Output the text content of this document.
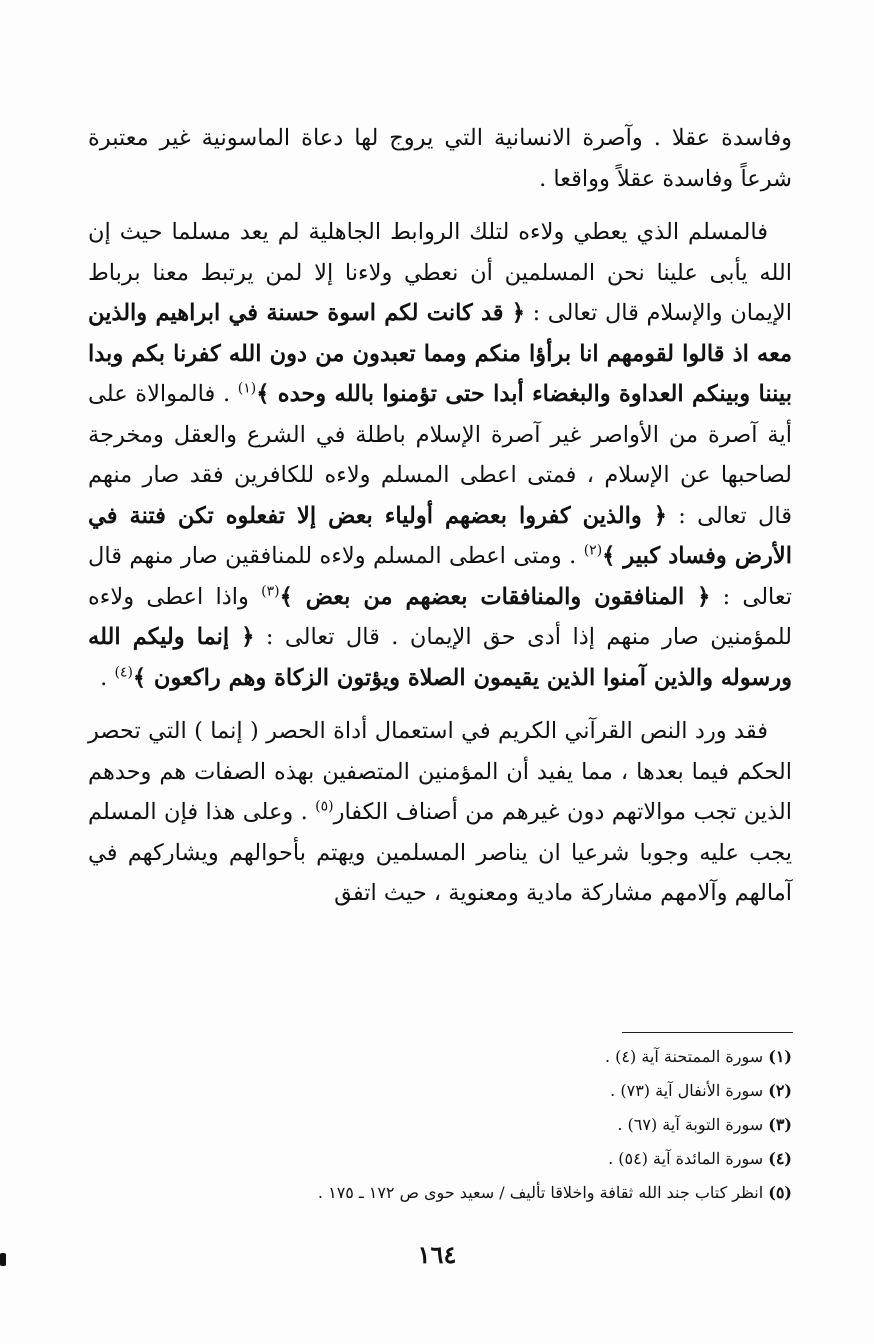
وفاسدة عقلا . وآصرة الانسانية التي يروج لها دعاة الماسونية غير معتبرة شرعاً وفاسدة عقلاً وواقعا .

فالمسلم الذي يعطي ولاءه لتلك الروابط الجاهلية لم يعد مسلما حيث إن الله يأبى علينا نحن المسلمين أن نعطي ولاءنا إلا لمن يرتبط معنا برباط الإيمان والإسلام قال تعالى : ﴿ قد كانت لكم اسوة حسنة في ابراهيم والذين معه اذ قالوا لقومهم انا برأؤا منكم ومما تعبدون من دون الله كفرنا بكم وبدا بيننا وبينكم العداوة والبغضاء أبدا حتى تؤمنوا بالله وحده ﴾$^{(١)}$ . فالموالاة على أية آصرة من الأواصر غير آصرة الإسلام باطلة في الشرع والعقل ومخرجة لصاحبها عن الإسلام ، فمتى اعطى المسلم ولاءه للكافرين فقد صار منهم قال تعالى : ﴿ والذين كفروا بعضهم أولياء بعض إلا تفعلوه تكن فتنة في الأرض وفساد كبير ﴾$^{(٢)}$ . ومتى اعطى المسلم ولاءه للمنافقين صار منهم قال تعالى : ﴿ المنافقون والمنافقات بعضهم من بعض ﴾$^{(٣)}$ واذا اعطى ولاءه للمؤمنين صار منهم إذا أدى حق الإيمان . قال تعالى : ﴿ إنما وليكم الله ورسوله والذين آمنوا الذين يقيمون الصلاة ويؤتون الزكاة وهم راكعون ﴾$^{(٤)}$ .

فقد ورد النص القرآني الكريم في استعمال أداة الحصر ( إنما ) التي تحصر الحكم فيما بعدها ، مما يفيد أن المؤمنين المتصفين بهذه الصفات هم وحدهم الذين تجب موالاتهم دون غيرهم من أصناف الكفار$^{(٥)}$ . وعلى هذا فإن المسلم يجب عليه وجوبا شرعيا ان يناصر المسلمين ويهتم بأحوالهم ويشاركهم في آمالهم وآلامهم مشاركة مادية ومعنوية ، حيث اتفق

(١) سورة الممتحنة آية (٤) .

(٢) سورة الأنفال آية (٧٣) .

(٣) سورة التوبة آية (٦٧) .

(٤) سورة المائدة آية (٥٤) .

(٥) انظر كتاب جند الله ثقافة واخلاقا تأليف / سعيد حوى ص ١٧٢ ـ ١٧٥ .

١٦٤
